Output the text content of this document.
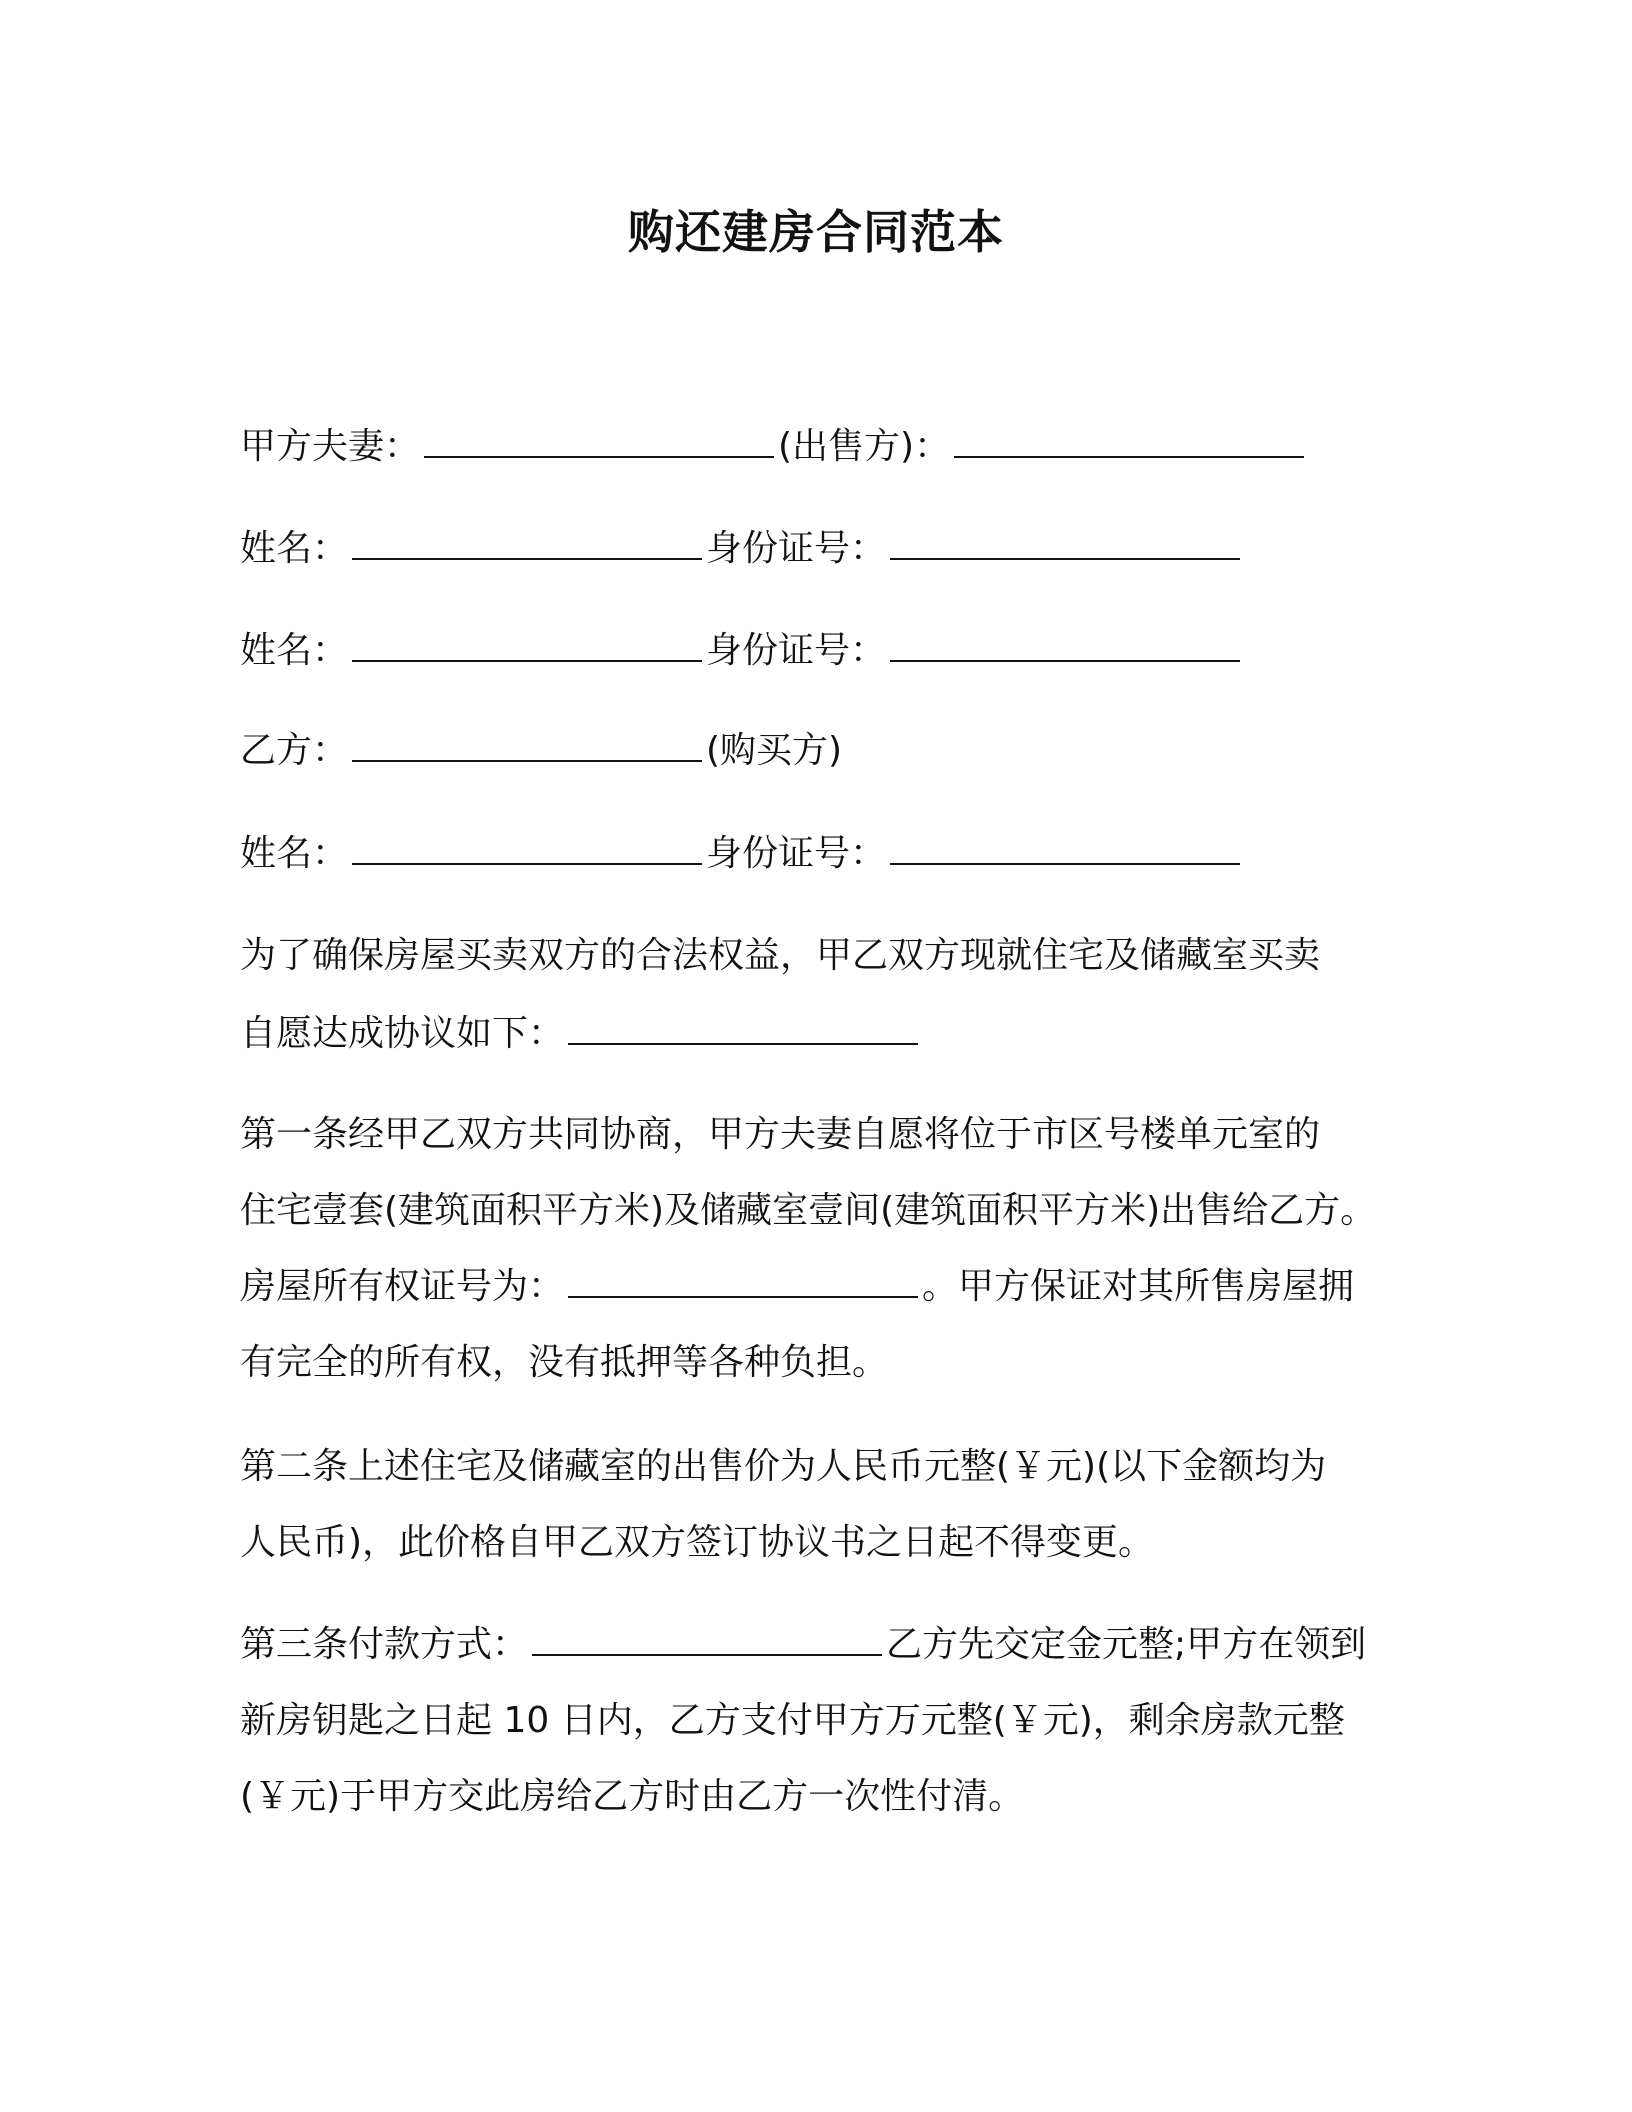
购还建房合同范本
甲方夫妻：	(出售方)：
姓名：	身份证号：
姓名：	身份证号：
乙方：	(购买方)
姓名：	身份证号：
为了确保房屋买卖双方的合法权益，甲乙双方现就住宅及储藏室买卖
自愿达成协议如下：
第一条经甲乙双方共同协商，甲方夫妻自愿将位于市区号楼单元室的
住宅壹套(建筑面积平方米)及储藏室壹间(建筑面积平方米)出售给乙方。
房屋所有权证号为：	。甲方保证对其所售房屋拥
有完全的所有权，没有抵押等各种负担。
第二条上述住宅及储藏室的出售价为人民币元整(￥元)(以下金额均为
人民币)，此价格自甲乙双方签订协议书之日起不得变更。
第三条付款方式：	乙方先交定金元整;甲方在领到
新房钥匙之日起 10 日内，乙方支付甲方万元整(￥元)，剩余房款元整
(￥元)于甲方交此房给乙方时由乙方一次性付清。
